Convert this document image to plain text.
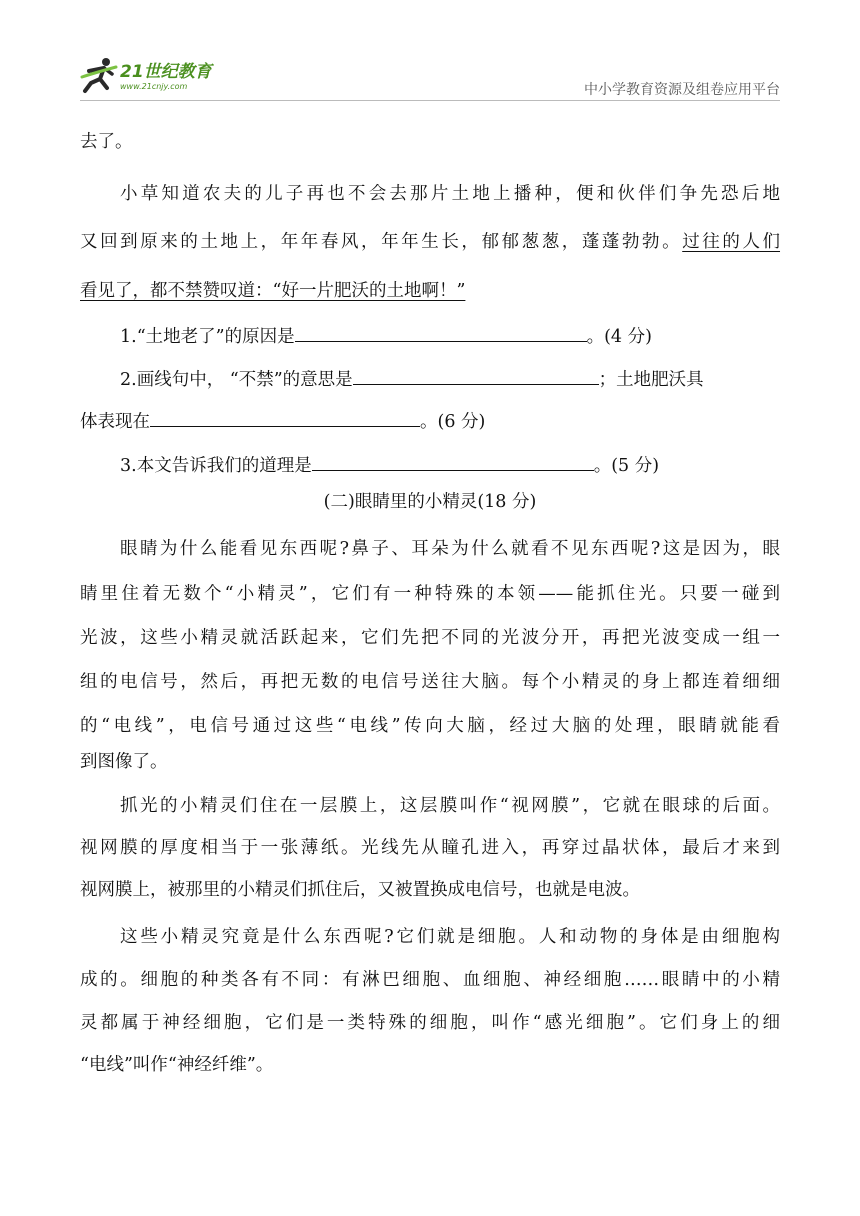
21世纪教育
www.21cnjy.com	中小学教育资源及组卷应用平台
去了。
小草知道农夫的儿子再也不会去那片土地上播种，便和伙伴们争先恐后地
又回到原来的土地上，年年春风，年年生长，郁郁葱葱，蓬蓬勃勃。过往的人们
看见了，都不禁赞叹道：“好一片肥沃的土地啊！”
1.“土地老了”的原因是	。(4 分)
2.画线句中， “不禁”的意思是	；土地肥沃具
体表现在	。(6 分)
3.本文告诉我们的道理是	。(5 分)
(二)眼睛里的小精灵(18 分)
眼睛为什么能看见东西呢?鼻子、耳朵为什么就看不见东西呢?这是因为，眼
睛里住着无数个“小精灵”，它们有一种特殊的本领——能抓住光。只要一碰到
光波，这些小精灵就活跃起来，它们先把不同的光波分开，再把光波变成一组一
组的电信号，然后，再把无数的电信号送往大脑。每个小精灵的身上都连着细细
的“电线”，电信号通过这些“电线”传向大脑，经过大脑的处理，眼睛就能看
到图像了。
抓光的小精灵们住在一层膜上，这层膜叫作“视网膜”，它就在眼球的后面。
视网膜的厚度相当于一张薄纸。光线先从瞳孔进入，再穿过晶状体，最后才来到
视网膜上，被那里的小精灵们抓住后，又被置换成电信号，也就是电波。
这些小精灵究竟是什么东西呢?它们就是细胞。人和动物的身体是由细胞构
成的。细胞的种类各有不同：有淋巴细胞、血细胞、神经细胞……眼睛中的小精
灵都属于神经细胞，它们是一类特殊的细胞，叫作“感光细胞”。它们身上的细
“电线”叫作“神经纤维”。
